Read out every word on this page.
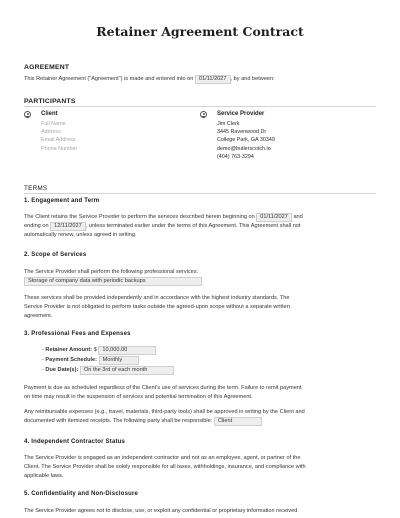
Retainer Agreement Contract
AGREEMENT
This Retainer Agreement ("Agreement") is made and entered into on 01/11/2027 , by and between:
PARTICIPANTS
Client
Full Name
Address
Email Address
Phone Number
Service Provider
Jim Clerk
3445 Ravenwood Dr
College Park, GA 30349
demo@butlerscotch.io
(404) 763-3294
TERMS
1. Engagement and Term
The Client retains the Service Provider to perform the services described herein beginning on 01/11/2027 and
ending on 12/11/2027 , unless terminated earlier under the terms of this Agreement. This Agreement shall not
automatically renew, unless agreed in writing.
2. Scope of Services
The Service Provider shall perform the following professional services:
Storage of company data with periodic backups
These services shall be provided independently and in accordance with the highest industry standards. The
Service Provider is not obligated to perform tasks outside the agreed-upon scope without a separate written
agreement.
3. Professional Fees and Expenses
- Retainer Amount: $ 10,000.00
- Payment Schedule: Monthly
- Due Date(s): On the 3rd of each month
Payment is due as scheduled regardless of the Client's use of services during the term. Failure to remit payment
on time may result in the suspension of services and potential termination of this Agreement.
Any reimbursable expenses (e.g., travel, materials, third-party tools) shall be approved in writing by the Client and
documented with itemized receipts. The following party shall be responsible: Client
4. Independent Contractor Status
The Service Provider is engaged as an independent contractor and not as an employee, agent, or partner of the
Client. The Service Provider shall be solely responsible for all taxes, withholdings, insurance, and compliance with
applicable laws.
5. Confidentiality and Non-Disclosure
The Service Provider agrees not to disclose, use, or exploit any confidential or proprietary information received
